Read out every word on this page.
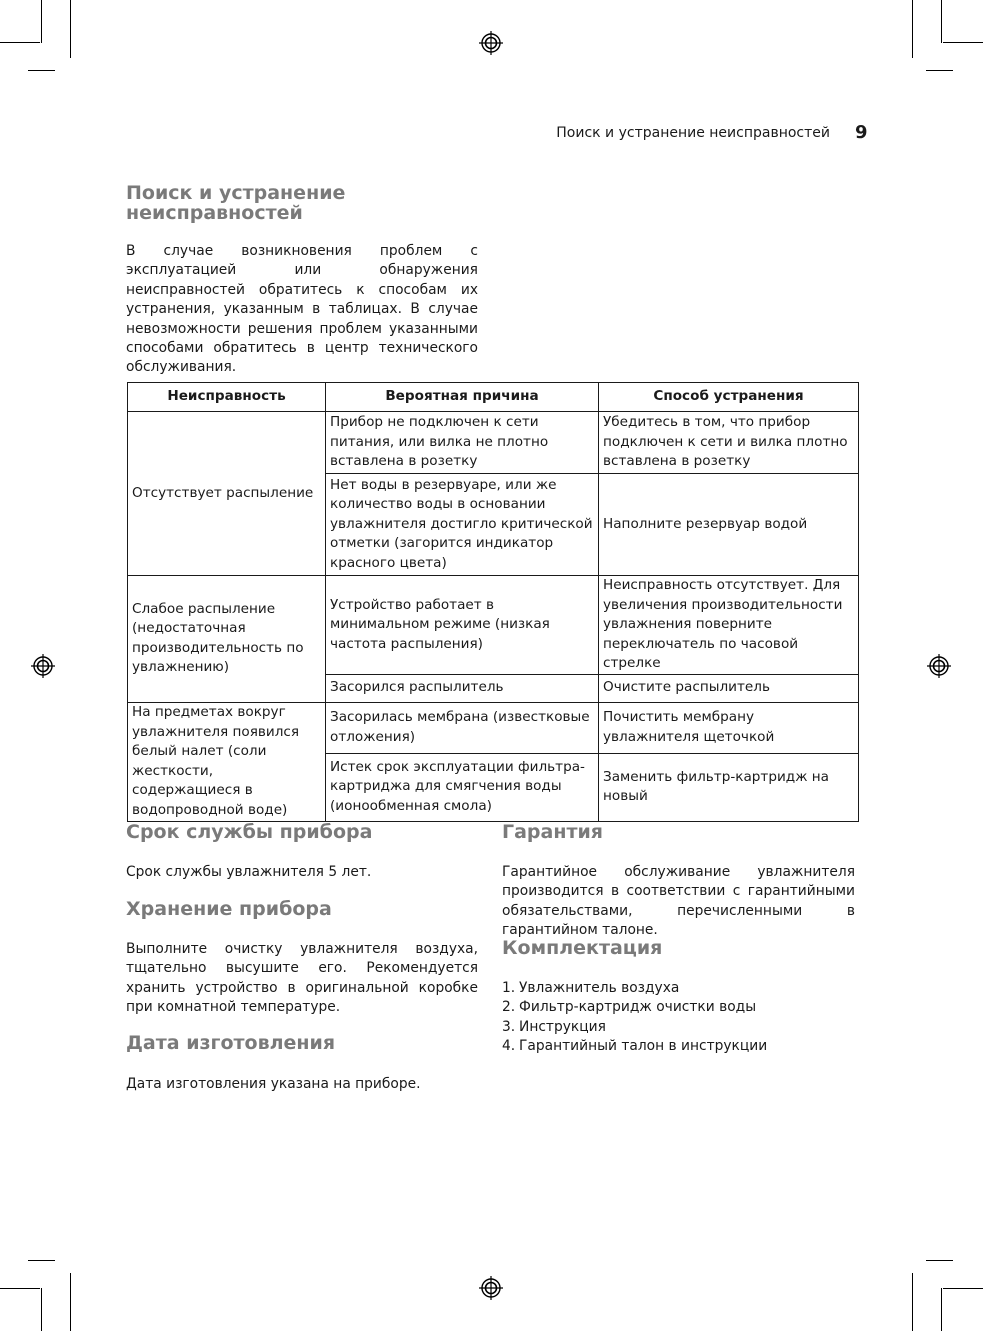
Поиск и устранение неисправностей 9
Поиск и устранение неисправностей

В случае возникновения проблем с эксплуатацией или обнаружения неисправностей обратитесь к способам их устранения, указанным в таблицах. В случае невозможности решения проблем указанными способами обратитесь в центр технического обслуживания.

Неисправность	Вероятная причина	Способ устранения
Отсутствует распыление	Прибор не подключен к сети питания, или вилка не плотно вставлена в розетку	Убедитесь в том, что прибор подключен к сети и вилка плотно вставлена в розетку
	Нет воды в резервуаре, или же количество воды в основании увлажнителя достигло критической отметки (загорится индикатор красного цвета)	Наполните резервуар водой
Слабое распыление (недостаточная производительность по увлажнению)	Устройство работает в минимальном режиме (низкая частота распыления)	Неисправность отсутствует. Для увеличения производительности увлажнения поверните переключатель по часовой стрелке
	Засорился распылитель	Очистите распылитель
На предметах вокруг увлажнителя появился белый налет (соли жесткости, содержащиеся в водопроводной воде)	Засорилась мембрана (известковые отложения)	Почистить мембрану увлажнителя щеточкой
	Истек срок эксплуатации фильтра-картриджа для смягчения воды (ионообменная смола)	Заменить фильтр-картридж на новый
Срок службы прибора

Срок службы увлажнителя 5 лет.

Хранение прибора

Выполните очистку увлажнителя воздуха, тщательно высушите его. Рекомендуется хранить устройство в оригинальной коробке при комнатной температуре.

Дата изготовления

Дата изготовления указана на приборе.

Гарантия

Гарантийное обслуживание увлажнителя производится в соответствии с гарантийными обязательствами, перечисленными в гарантийном талоне.

Комплектация
1. Увлажнитель воздуха
2. Фильтр-картридж очистки воды
3. Инструкция
4. Гарантийный талон в инструкции
